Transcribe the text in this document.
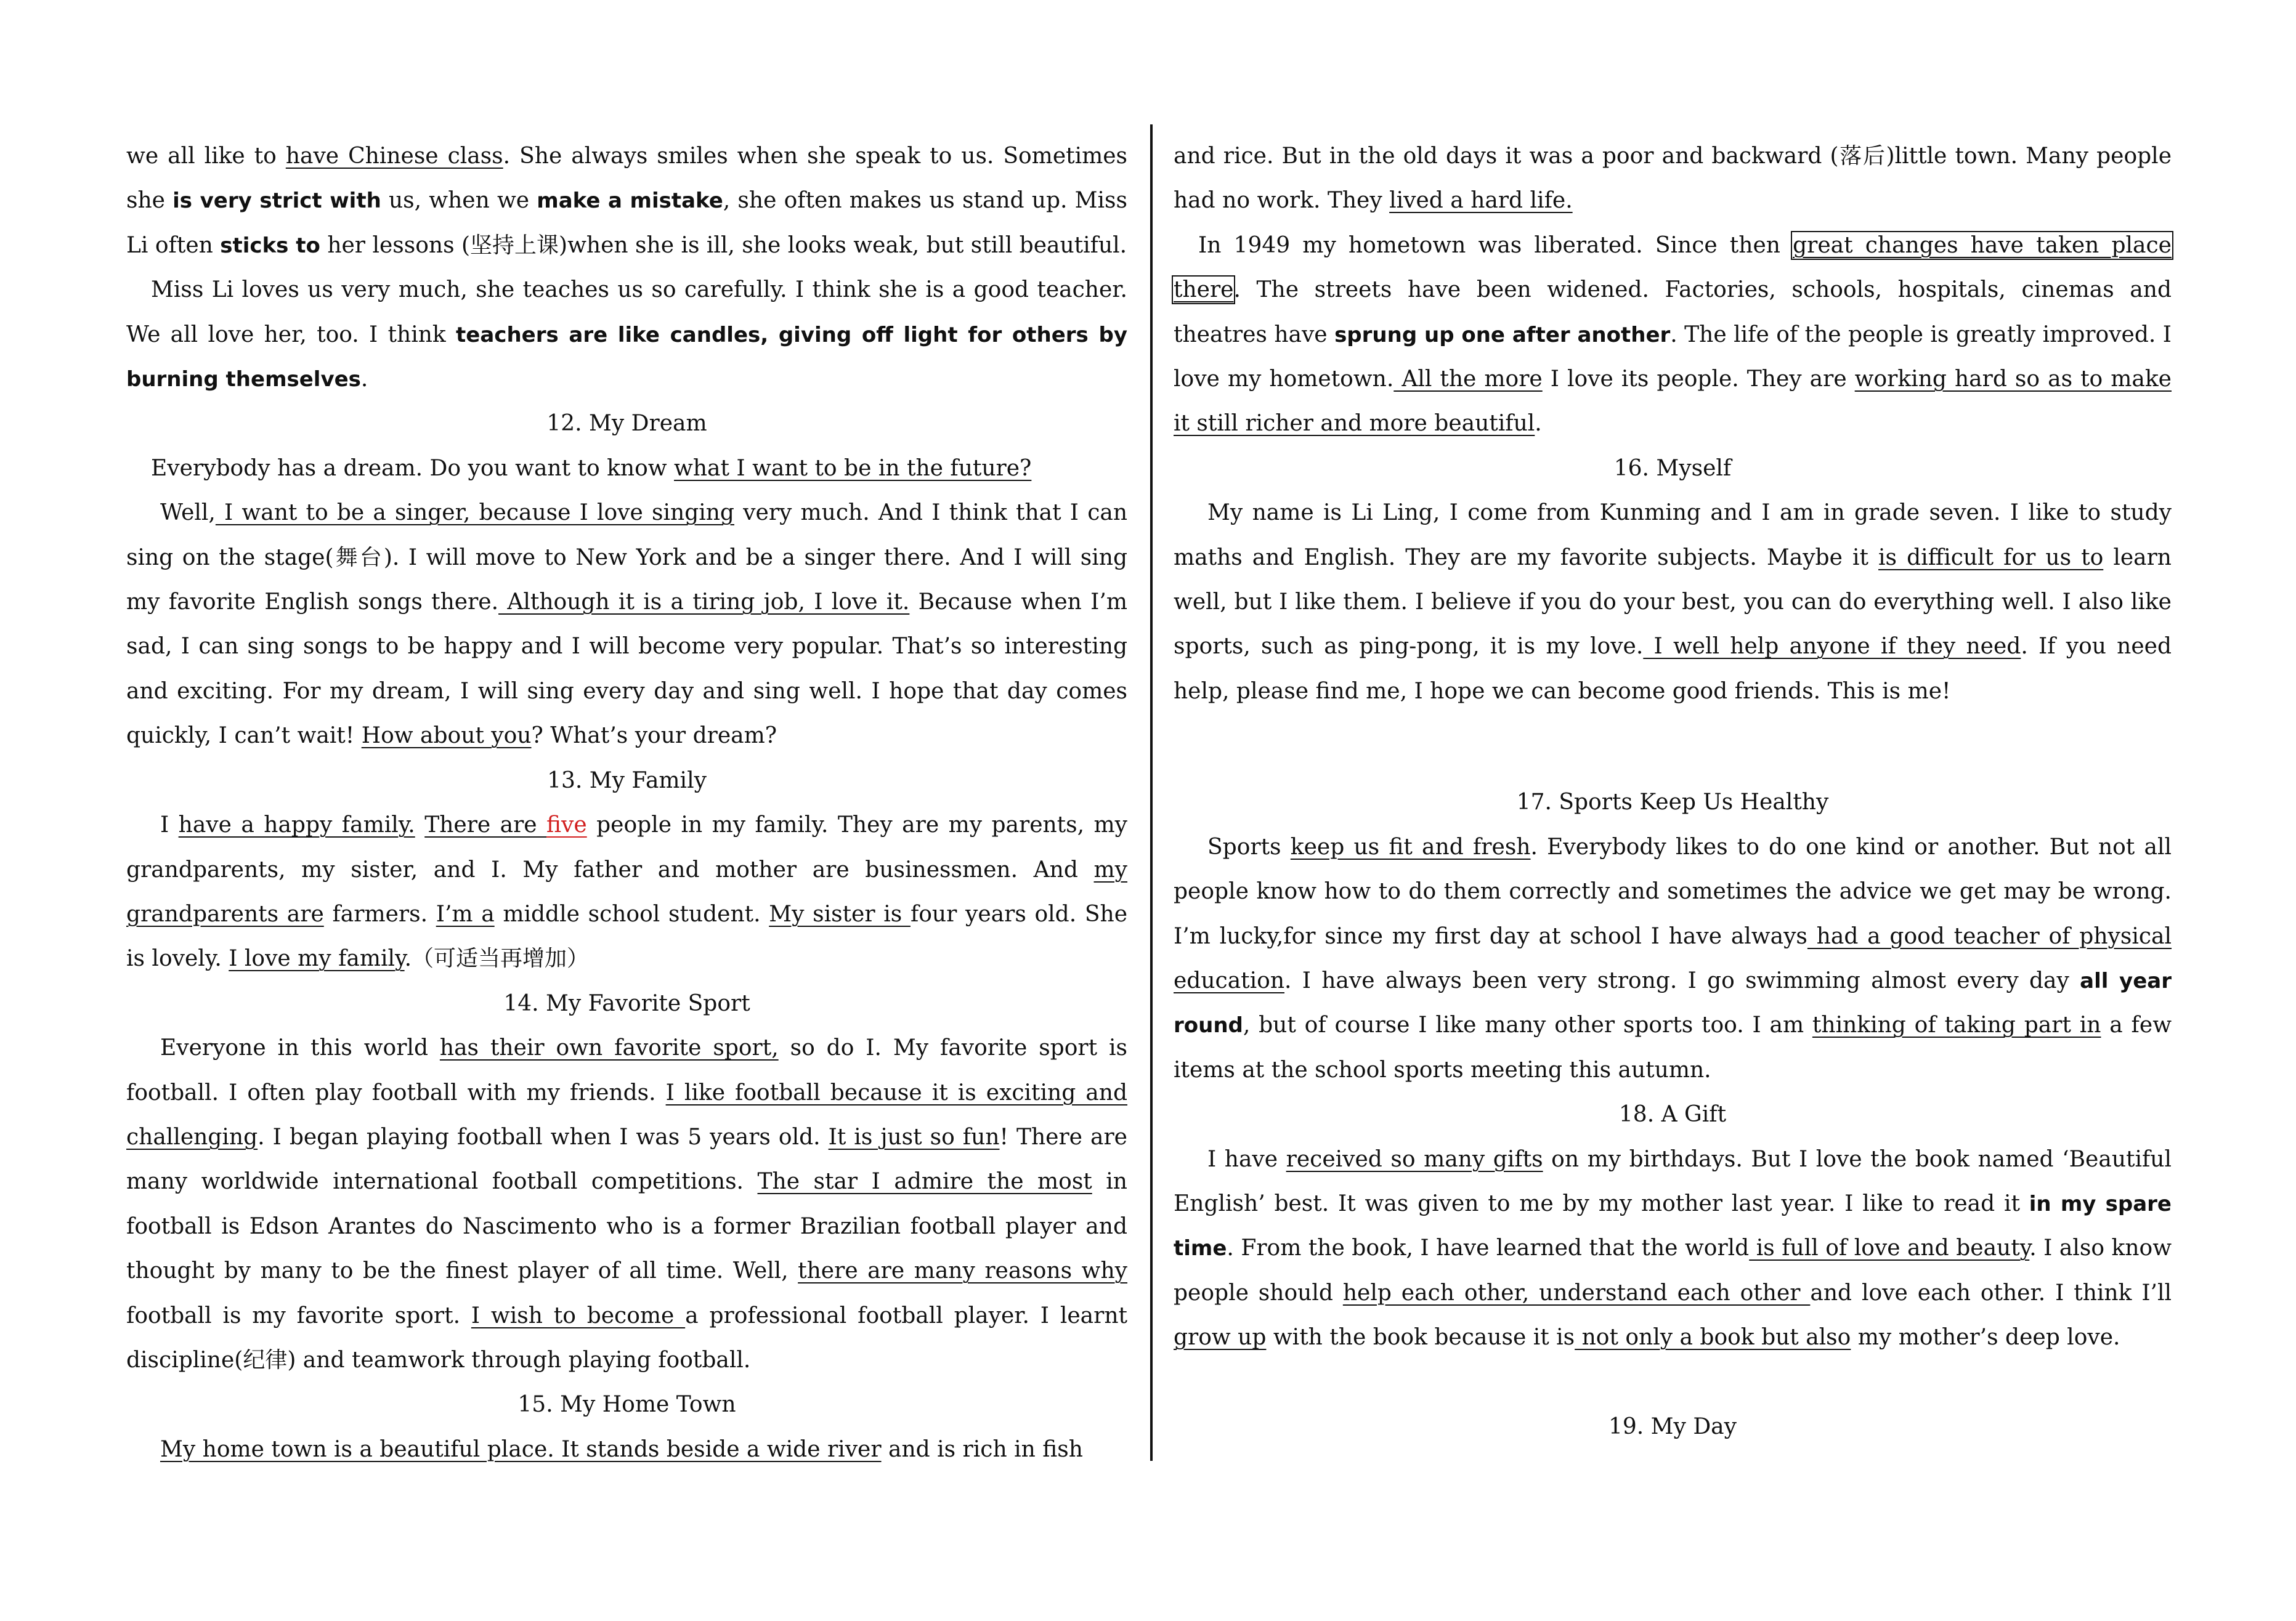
we all like to have Chinese class. She always smiles when she speak to us. Sometimes she is very strict with us, when we make a mistake, she often makes us stand up. Miss Li often sticks to her lessons (坚持上课)when she is ill, she looks weak, but still beautiful.

Miss Li loves us very much, she teaches us so carefully. I think she is a good teacher. We all love her, too. I think teachers are like candles, giving off light for others by burning themselves.

12. My Dream

Everybody has a dream. Do you want to know what I want to be in the future?

Well, I want to be a singer, because I love singing very much. And I think that I can sing on the stage(舞台). I will move to New York and be a singer there. And I will sing my favorite English songs there. Although it is a tiring job, I love it. Because when I’m sad, I can sing songs to be happy and I will become very popular. That’s so interesting and exciting. For my dream, I will sing every day and sing well. I hope that day comes quickly, I can’t wait! How about you? What’s your dream?

13. My Family

I have a happy family. There are five people in my family. They are my parents, my grandparents, my sister, and I. My father and mother are businessmen. And my grandparents are farmers. I’m a middle school student. My sister is four years old. She is lovely. I love my family.（可适当再增加）

14. My Favorite Sport

Everyone in this world has their own favorite sport, so do I. My favorite sport is football. I often play football with my friends. I like football because it is exciting and challenging. I began playing football when I was 5 years old. It is just so fun! There are many worldwide international football competitions. The star I admire the most in football is Edson Arantes do Nascimento who is a former Brazilian football player and thought by many to be the finest player of all time. Well, there are many reasons why football is my favorite sport. I wish to become a professional football player. I learnt discipline(纪律) and teamwork through playing football.

15. My Home Town

My home town is a beautiful place. It stands beside a wide river and is rich in fish

and rice. But in the old days it was a poor and backward (落后)little town. Many people had no work. They lived a hard life.

In 1949 my hometown was liberated. Since then great changes have taken place there. The streets have been widened. Factories, schools, hospitals, cinemas and theatres have sprung up one after another. The life of the people is greatly improved. I love my hometown. All the more I love its people. They are working hard so as to make it still richer and more beautiful.

16. Myself

My name is Li Ling, I come from Kunming and I am in grade seven. I like to study maths and English. They are my favorite subjects. Maybe it is difficult for us to learn well, but I like them. I believe if you do your best, you can do everything well. I also like sports, such as ping-pong, it is my love. I well help anyone if they need. If you need help, please find me, I hope we can become good friends. This is me!

17. Sports Keep Us Healthy

Sports keep us fit and fresh. Everybody likes to do one kind or another. But not all people know how to do them correctly and sometimes the advice we get may be wrong. I’m lucky,for since my first day at school I have always had a good teacher of physical education. I have always been very strong. I go swimming almost every day all year round, but of course I like many other sports too. I am thinking of taking part in a few items at the school sports meeting this autumn.

18. A Gift

I have received so many gifts on my birthdays. But I love the book named ‘Beautiful English’ best. It was given to me by my mother last year. I like to read it in my spare time. From the book, I have learned that the world is full of love and beauty. I also know people should help each other, understand each other and love each other. I think I’ll grow up with the book because it is not only a book but also my mother’s deep love.

19. My Day
